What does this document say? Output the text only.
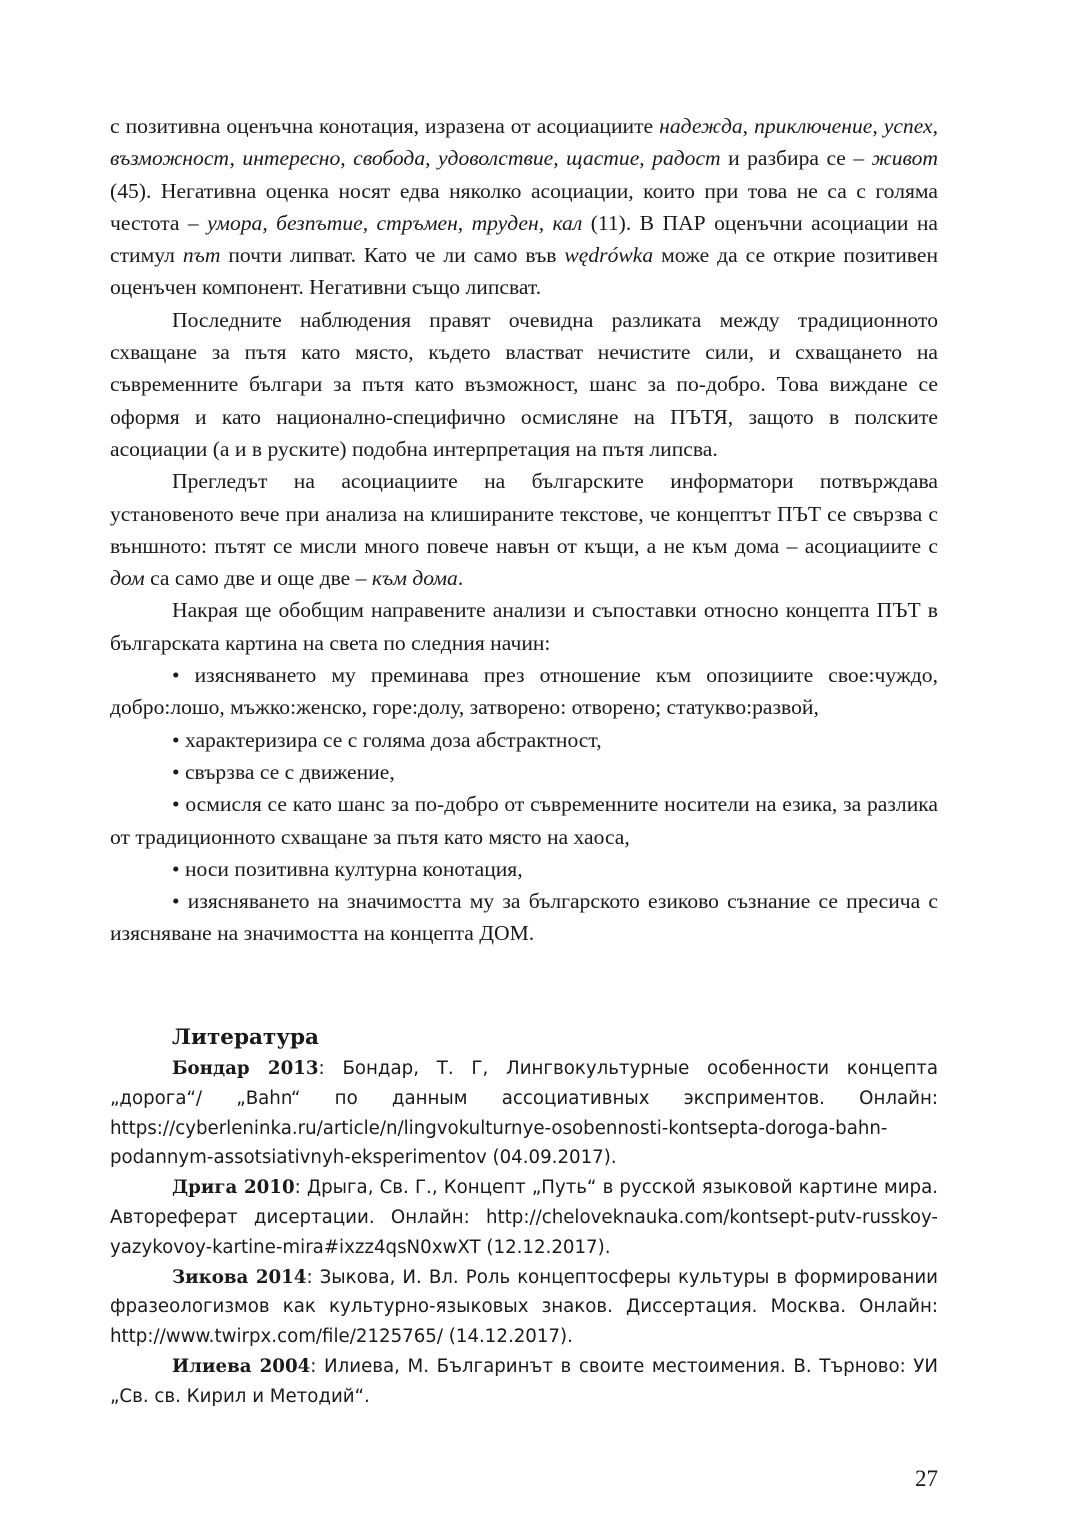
с позитивна оценъчна конотация, изразена от асоциациите надежда, приключение, успех, възможност, интересно, свобода, удоволствие, щастие, радост и разбира се – живот (45). Негативна оценка носят едва няколко асоциации, които при това не са с голяма честота – умора, безпътие, стръмен, труден, кал (11). В ПАР оценъчни асоциации на стимул път почти липват. Като че ли само във wędrówka може да се открие позитивен оценъчен компонент. Негативни също липсват.

Последните наблюдения правят очевидна разликата между традиционното схващане за пътя като място, където властват нечистите сили, и схващането на съвременните българи за пътя като възможност, шанс за по-добро. Това виждане се оформя и като национално-специфично осмисляне на ПЪТЯ, защото в полските асоциации (а и в руските) подобна интерпретация на пътя липсва.

Прегледът на асоциациите на българските информатори потвърждава установеното вече при анализа на клишираните текстове, че концептът ПЪТ се свързва с външното: пътят се мисли много повече навън от къщи, а не към дома – асоциациите с дом са само две и още две – към дома.

Накрая ще обобщим направените анализи и съпоставки относно концепта ПЪТ в българската картина на света по следния начин:

• изясняването му преминава през отношение към опозициите свое:чуждо, добро:лошо, мъжко:женско, горе:долу, затворено: отворено; статукво:развой,

• характеризира се с голяма доза абстрактност,

• свързва се с движение,

• осмисля се като шанс за по-добро от съвременните носители на езика, за разлика от традиционното схващане за пътя като място на хаоса,

• носи позитивна културна конотация,

• изясняването на значимостта му за българското езиково съзнание се пресича с изясняване на значимостта на концепта ДОМ.

Литература

Бондар 2013: Бондар, Т. Г, Лингвокультурные особенности концепта „дорога“/ „Bahn“ по данным ассоциативных эксприментов. Онлайн: https://cyberleninka.ru/article/n/lingvokulturnye-osobennosti-kontsepta-doroga-bahn-podannym-assotsiativnyh-eksperimentov (04.09.2017).

Дрига 2010: Дрыга, Св. Г., Концепт „Путь“ в русской языковой картине мира. Автореферат дисертации. Онлайн: http://cheloveknauka.com/kontsept-putv-russkoy-yazykovoy-kartine-mira#ixzz4qsN0xwXT (12.12.2017).

Зикова 2014: Зыкова, И. Вл. Роль концептосферы культуры в формировании фразеологизмов как культурно-языковых знаков. Диссертация. Москва. Онлайн: http://www.twirpx.com/file/2125765/ (14.12.2017).

Илиева 2004: Илиева, М. Българинът в своите местоимения. В. Търново: УИ „Св. св. Кирил и Методий“.

27
